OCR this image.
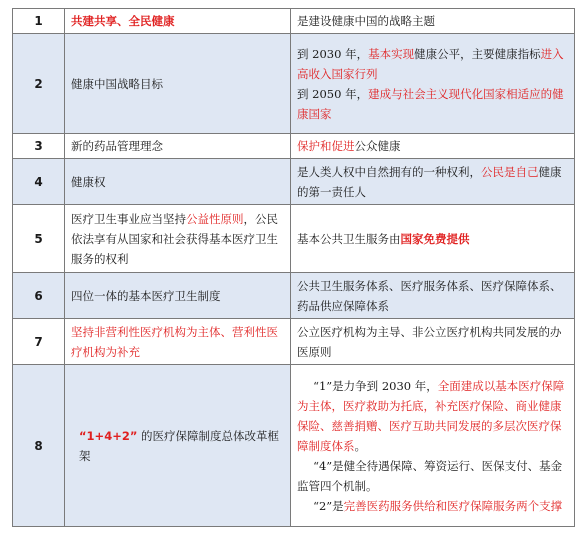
1	共建共享、全民健康	是建设健康中国的战略主题
2	健康中国战略目标	到 2030 年，基本实现健康公平，主要健康指标进入高收入国家行列
到 2050 年，建成与社会主义现代化国家相适应的健康国家

3	新的药品管理理念	保护和促进公众健康
4	健康权	是人类人权中自然拥有的一种权利，公民是自己健康的第一责任人
5	医疗卫生事业应当坚持公益性原则，公民依法享有从国家和社会获得基本医疗卫生服务的权利	基本公共卫生服务由国家免费提供
6	四位一体的基本医疗卫生制度	公共卫生服务体系、医疗服务体系、医疗保障体系、药品供应保障体系
7	坚持非营利性医疗机构为主体、营利性医疗机构为补充	公立医疗机构为主导、非公立医疗机构共同发展的办医原则
8	“1+4+2” 的医疗保障制度总体改革框架	“1”是力争到 2030 年，全面建成以基本医疗保障为主体，医疗救助为托底，补充医疗保险、商业健康保险、慈善捐赠、医疗互助共同发展的多层次医疗保障制度体系。
“4”是健全待遇保障、筹资运行、医保支付、基金监管四个机制。
“2”是完善医药服务供给和医疗保障服务两个支撑
